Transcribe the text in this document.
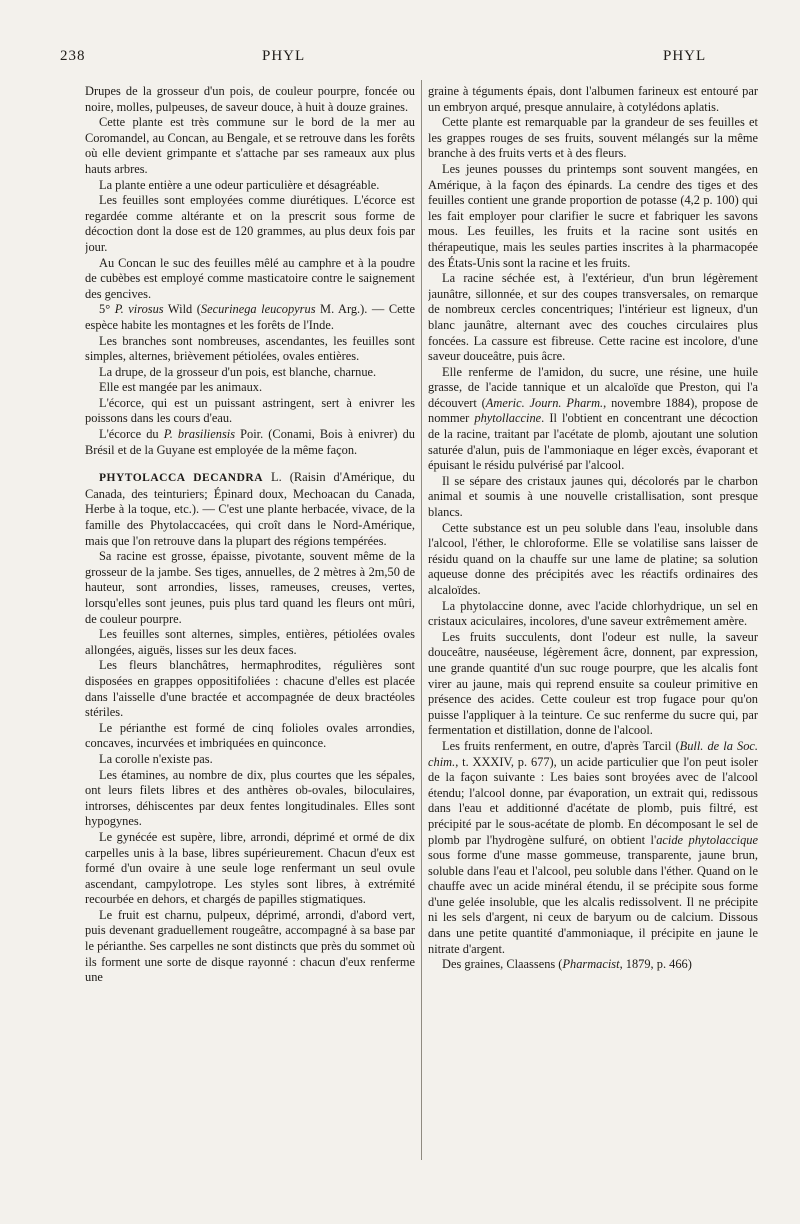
238	PHYL	PHYL

Drupes de la grosseur d'un pois, de couleur pourpre, foncée ou noire, molles, pulpeuses, de saveur douce, à huit à douze graines.

Cette plante est très commune sur le bord de la mer au Coromandel, au Concan, au Bengale, et se retrouve dans les forêts où elle devient grimpante et s'attache par ses rameaux aux plus hauts arbres.

La plante entière a une odeur particulière et désagréable.

Les feuilles sont employées comme diurétiques. L'écorce est regardée comme altérante et on la prescrit sous forme de décoction dont la dose est de 120 grammes, au plus deux fois par jour.

Au Concan le suc des feuilles mêlé au camphre et à la poudre de cubèbes est employé comme masticatoire contre le saignement des gencives.

5° P. virosus Wild (Securinega leucopyrus M. Arg.). — Cette espèce habite les montagnes et les forêts de l'Inde.

Les branches sont nombreuses, ascendantes, les feuilles sont simples, alternes, brièvement pétiolées, ovales entières.

La drupe, de la grosseur d'un pois, est blanche, charnue.

Elle est mangée par les animaux.

L'écorce, qui est un puissant astringent, sert à enivrer les poissons dans les cours d'eau.

L'écorce du P. brasiliensis Poir. (Conami, Bois à enivrer) du Brésil et de la Guyane est employée de la même façon.

PHYTOLACCA DECANDRA L. (Raisin d'Amérique, du Canada, des teinturiers; Épinard doux, Mechoacan du Canada, Herbe à la toque, etc.). — C'est une plante herbacée, vivace, de la famille des Phytolaccacées, qui croît dans le Nord-Amérique, mais que l'on retrouve dans la plupart des régions tempérées.

Sa racine est grosse, épaisse, pivotante, souvent même de la grosseur de la jambe. Ses tiges, annuelles, de 2 mètres à 2m,50 de hauteur, sont arrondies, lisses, rameuses, creuses, vertes, lorsqu'elles sont jeunes, puis plus tard quand les fleurs ont mûri, de couleur pourpre.

Les feuilles sont alternes, simples, entières, pétiolées ovales allongées, aiguës, lisses sur les deux faces.

Les fleurs blanchâtres, hermaphrodites, régulières sont disposées en grappes oppositifoliées : chacune d'elles est placée dans l'aisselle d'une bractée et accompagnée de deux bractéoles stériles.

Le périanthe est formé de cinq folioles ovales arrondies, concaves, incurvées et imbriquées en quinconce.

La corolle n'existe pas.

Les étamines, au nombre de dix, plus courtes que les sépales, ont leurs filets libres et des anthères ob-ovales, biloculaires, introrses, déhiscentes par deux fentes longitudinales. Elles sont hypogynes.

Le gynécée est supère, libre, arrondi, déprimé et ormé de dix carpelles unis à la base, libres supérieurement. Chacun d'eux est formé d'un ovaire à une seule loge renfermant un seul ovule ascendant, campylotrope. Les styles sont libres, à extrémité recourbée en dehors, et chargés de papilles stigmatiques.

Le fruit est charnu, pulpeux, déprimé, arrondi, d'abord vert, puis devenant graduellement rougeâtre, accompagné à sa base par le périanthe. Ses carpelles ne sont distincts que près du sommet où ils forment une sorte de disque rayonné : chacun d'eux renferme une

graine à téguments épais, dont l'albumen farineux est entouré par un embryon arqué, presque annulaire, à cotylédons aplatis.

Cette plante est remarquable par la grandeur de ses feuilles et les grappes rouges de ses fruits, souvent mélangés sur la même branche à des fruits verts et à des fleurs.

Les jeunes pousses du printemps sont souvent mangées, en Amérique, à la façon des épinards. La cendre des tiges et des feuilles contient une grande proportion de potasse (4,2 p. 100) qui les fait employer pour clarifier le sucre et fabriquer les savons mous. Les feuilles, les fruits et la racine sont usités en thérapeutique, mais les seules parties inscrites à la pharmacopée des États-Unis sont la racine et les fruits.

La racine séchée est, à l'extérieur, d'un brun légèrement jaunâtre, sillonnée, et sur des coupes transversales, on remarque de nombreux cercles concentriques; l'intérieur est ligneux, d'un blanc jaunâtre, alternant avec des couches circulaires plus foncées. La cassure est fibreuse. Cette racine est incolore, d'une saveur douceâtre, puis âcre.

Elle renferme de l'amidon, du sucre, une résine, une huile grasse, de l'acide tannique et un alcaloïde que Preston, qui l'a découvert (Americ. Journ. Pharm., novembre 1884), propose de nommer phytollaccine. Il l'obtient en concentrant une décoction de la racine, traitant par l'acétate de plomb, ajoutant une solution saturée d'alun, puis de l'ammoniaque en léger excès, évaporant et épuisant le résidu pulvérisé par l'alcool.

Il se sépare des cristaux jaunes qui, décolorés par le charbon animal et soumis à une nouvelle cristallisation, sont presque blancs.

Cette substance est un peu soluble dans l'eau, insoluble dans l'alcool, l'éther, le chloroforme. Elle se volatilise sans laisser de résidu quand on la chauffe sur une lame de platine; sa solution aqueuse donne des précipités avec les réactifs ordinaires des alcaloïdes.

La phytolaccine donne, avec l'acide chlorhydrique, un sel en cristaux aciculaires, incolores, d'une saveur extrêmement amère.

Les fruits succulents, dont l'odeur est nulle, la saveur douceâtre, nauséeuse, légèrement âcre, donnent, par expression, une grande quantité d'un suc rouge pourpre, que les alcalis font virer au jaune, mais qui reprend ensuite sa couleur primitive en présence des acides. Cette couleur est trop fugace pour qu'on puisse l'appliquer à la teinture. Ce suc renferme du sucre qui, par fermentation et distillation, donne de l'alcool.

Les fruits renferment, en outre, d'après Tarcil (Bull. de la Soc. chim., t. XXXIV, p. 677), un acide particulier que l'on peut isoler de la façon suivante : Les baies sont broyées avec de l'alcool étendu; l'alcool donne, par évaporation, un extrait qui, redissous dans l'eau et additionné d'acétate de plomb, puis filtré, est précipité par le sous-acétate de plomb. En décomposant le sel de plomb par l'hydrogène sulfuré, on obtient l'acide phytolaccique sous forme d'une masse gommeuse, transparente, jaune brun, soluble dans l'eau et l'alcool, peu soluble dans l'éther. Quand on le chauffe avec un acide minéral étendu, il se précipite sous forme d'une gelée insoluble, que les alcalis redissolvent. Il ne précipite ni les sels d'argent, ni ceux de baryum ou de calcium. Dissous dans une petite quantité d'ammoniaque, il précipite en jaune le nitrate d'argent.

Des graines, Claassens (Pharmacist, 1879, p. 466)
